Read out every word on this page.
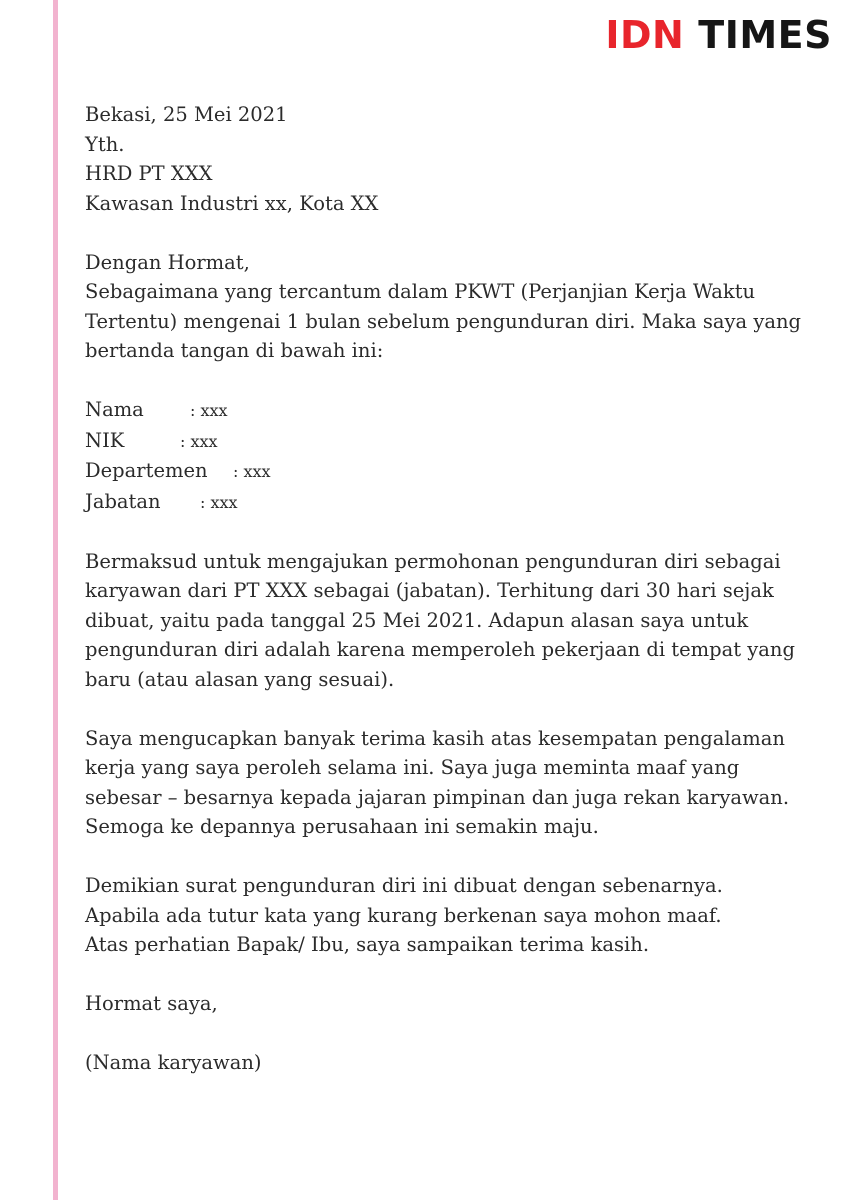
IDN TIMES

Bekasi, 25 Mei 2021

Yth.

HRD PT XXX

Kawasan Industri xx, Kota XX

Dengan Hormat,

Sebagaimana yang tercantum dalam PKWT (Perjanjian Kerja Waktu

Tertentu) mengenai 1 bulan sebelum pengunduran diri. Maka saya yang

bertanda tangan di bawah ini:

Nama	: xxx
NIK	: xxx
Departemen	: xxx
Jabatan	: xxx

Bermaksud untuk mengajukan permohonan pengunduran diri sebagai

karyawan dari PT XXX sebagai (jabatan). Terhitung dari 30 hari sejak

dibuat, yaitu pada tanggal 25 Mei 2021. Adapun alasan saya untuk

pengunduran diri adalah karena memperoleh pekerjaan di tempat yang

baru (atau alasan yang sesuai).

Saya mengucapkan banyak terima kasih atas kesempatan pengalaman

kerja yang saya peroleh selama ini. Saya juga meminta maaf yang

sebesar – besarnya kepada jajaran pimpinan dan juga rekan karyawan.

Semoga ke depannya perusahaan ini semakin maju.

Demikian surat pengunduran diri ini dibuat dengan sebenarnya.

Apabila ada tutur kata yang kurang berkenan saya mohon maaf.

Atas perhatian Bapak/ Ibu, saya sampaikan terima kasih.

Hormat saya,

(Nama karyawan)
